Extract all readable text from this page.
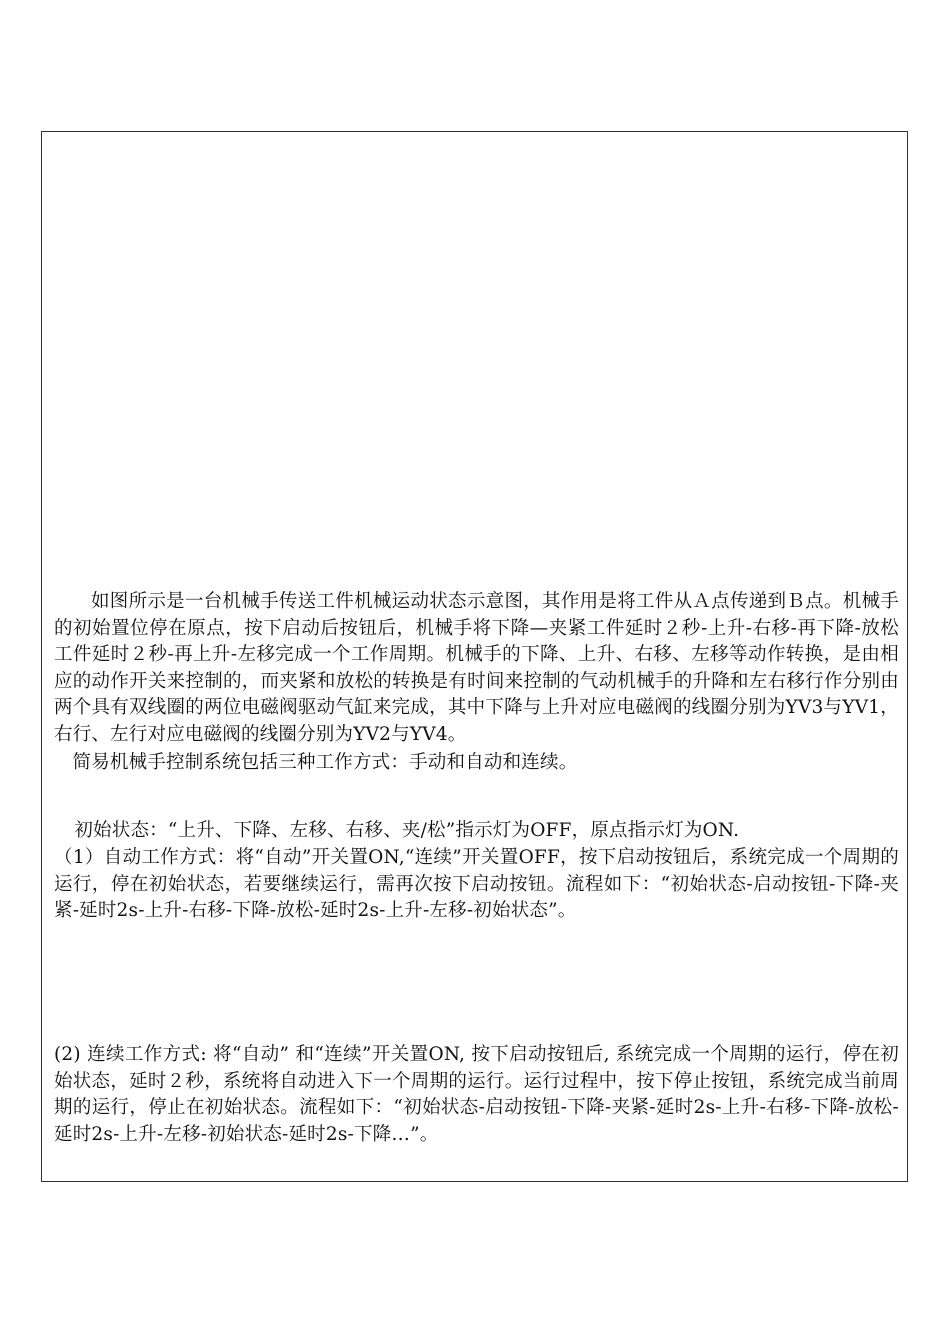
如图所示是一台机械手传送工件机械运动状态示意图，其作用是将工件从Ａ点传递到Ｂ点。机械手的初始置位停在原点，按下启动后按钮后，机械手将下降—夹紧工件延时２秒-上升-右移-再下降-放松工件延时２秒-再上升-左移完成一个工作周期。机械手的下降、上升、右移、左移等动作转换，是由相应的动作开关来控制的，而夹紧和放松的转换是有时间来控制的气动机械手的升降和左右移行作分别由两个具有双线圈的两位电磁阀驱动气缸来完成，其中下降与上升对应电磁阀的线圈分别为YV3与YV1，右行、左行对应电磁阀的线圈分别为YV2与YV4。
简易机械手控制系统包括三种工作方式：手动和自动和连续。
初始状态：“上升、下降、左移、右移、夹/松”指示灯为OFF，原点指示灯为ON.
（1）自动工作方式：将“自动”开关置ON,“连续”开关置OFF，按下启动按钮后，系统完成一个周期的运行，停在初始状态，若要继续运行，需再次按下启动按钮。流程如下：“初始状态-启动按钮-下降-夹紧-延时2s-上升-右移-下降-放松-延时2s-上升-左移-初始状态”。
(2) 连续工作方式: 将“自动” 和“连续”开关置ON, 按下启动按钮后, 系统完成一个周期的运行，停在初始状态，延时２秒，系统将自动进入下一个周期的运行。运行过程中，按下停止按钮，系统完成当前周期的运行，停止在初始状态。流程如下：“初始状态-启动按钮-下降-夹紧-延时2s-上升-右移-下降-放松-延时2s-上升-左移-初始状态-延时2s-下降…”。
